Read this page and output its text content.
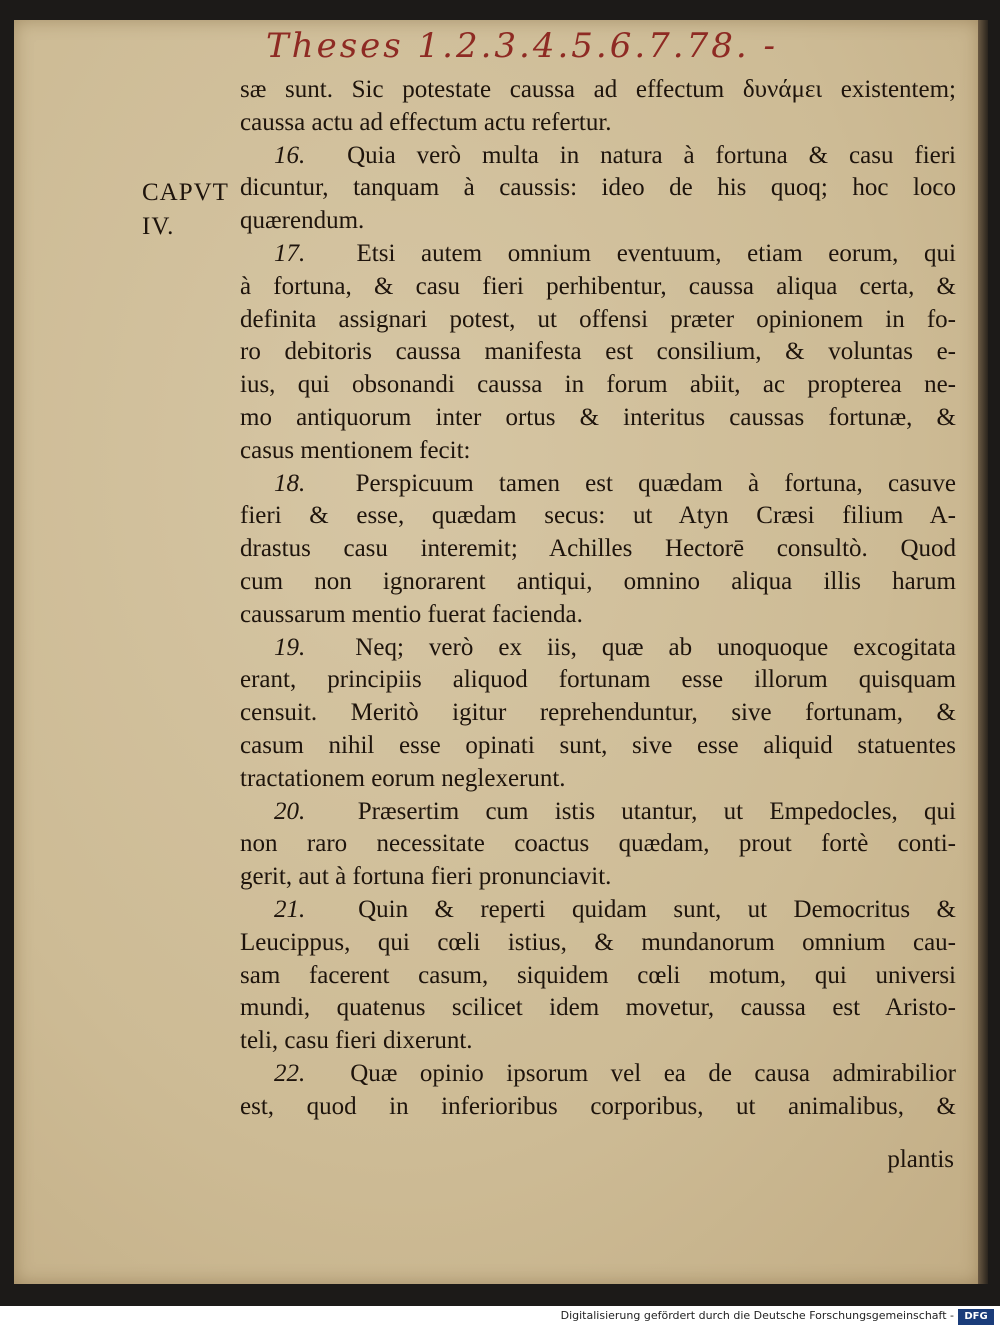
Theses 1.2.3.4.5.6.7.78. -
CAPVT
IV.
sæ sunt. Sic potestate caussa ad effectum δυνάμει existentem;
caussa actu ad effectum actu refertur.
16. Quia verò multa in natura à fortuna & casu fieri
dicuntur, tanquam à caussis: ideo de his quoq; hoc loco
quærendum.
17. Etsi autem omnium eventuum, etiam eorum, qui
à fortuna, & casu fieri perhibentur, caussa aliqua certa, &
definita assignari potest, ut offensi præter opinionem in fo-
ro debitoris caussa manifesta est consilium, & voluntas e-
ius, qui obsonandi caussa in forum abiit, ac propterea ne-
mo antiquorum inter ortus & interitus caussas fortunæ, &
casus mentionem fecit:
18. Perspicuum tamen est quædam à fortuna, casuve
fieri & esse, quædam secus: ut Atyn Cræsi filium A-
drastus casu interemit; Achilles Hectorē consultò. Quod
cum non ignorarent antiqui, omnino aliqua illis harum
caussarum mentio fuerat facienda.
19. Neq; verò ex iis, quæ ab unoquoque excogitata
erant, principiis aliquod fortunam esse illorum quisquam
censuit. Meritò igitur reprehenduntur, sive fortunam, &
casum nihil esse opinati sunt, sive esse aliquid statuentes
tractationem eorum neglexerunt.
20. Præsertim cum istis utantur, ut Empedocles, qui
non raro necessitate coactus quædam, prout fortè conti-
gerit, aut à fortuna fieri pronunciavit.
21. Quin & reperti quidam sunt, ut Democritus &
Leucippus, qui cœli istius, & mundanorum omnium cau-
sam facerent casum, siquidem cœli motum, qui universi
mundi, quatenus scilicet idem movetur, caussa est Aristo-
teli, casu fieri dixerunt.
22. Quæ opinio ipsorum vel ea de causa admirabilior
est, quod in inferioribus corporibus, ut animalibus, &
plantis
Digitalisierung gefördert durch die Deutsche Forschungsgemeinschaft -	DFG
